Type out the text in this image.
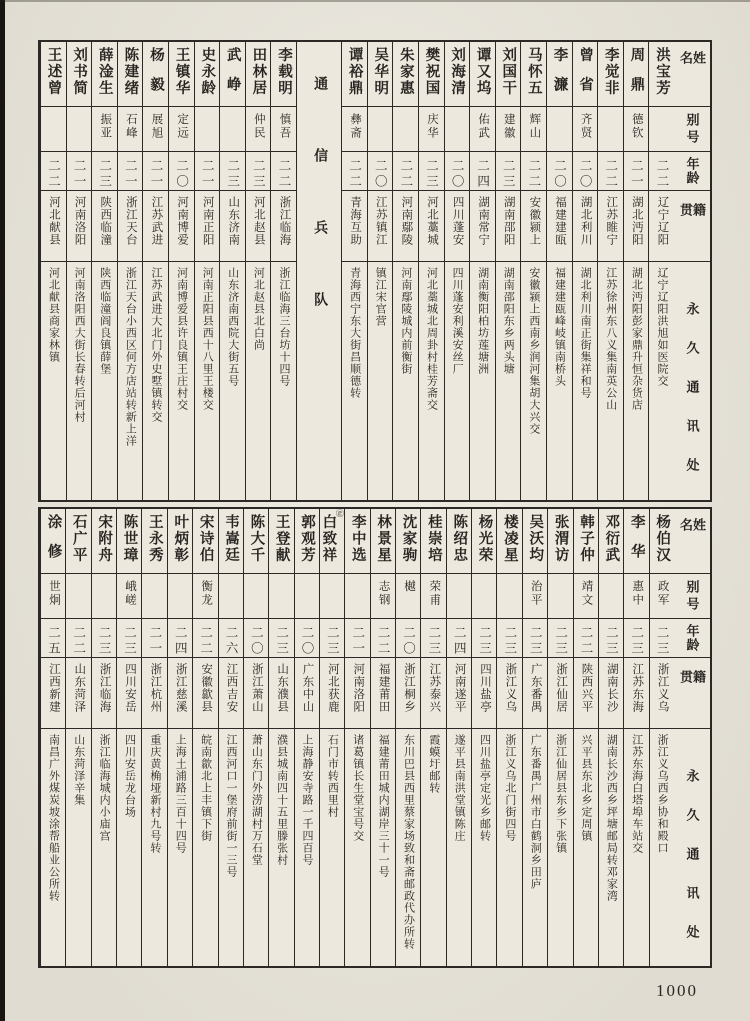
姓名
别号
年龄
籍贯
永久通讯处
洪宝芳
二二
辽宁辽阳
辽宁辽阳洪旭如医院交
周鼎
德钦
二一
湖北沔阳
湖北沔阳彭家鼎升恒杂货店
李觉非
二二
江苏睢宁
江苏徐州东八义集南英公山
曾省
齐贤
二〇
湖北利川
湖北利川南正街集祥和号
李濂
二〇
福建建瓯
福建建瓯峰岐镇南桥头
马怀五
辉山
二二
安徽颍上
安徽颍上西南乡润河集胡大兴交
刘国干
建徽
二三
湖南邵阳
湖南邵阳东乡两头塘
谭又坞
佑武
二四
湖南常宁
湖南衡阳柏坊莲塘洲
刘海清
二〇
四川蓬安
四川蓬安利溪安丝厂
樊祝国
庆华
二三
河北藁城
河北藁城北周卦村桂芳斋交
朱家惠
二二
河南鄢陵
河南鄢陵城内前衡街
吴华明
二〇
江苏镇江
镇江宋官营
谭裕鼎
彝斋
二二
青海互助
青海西宁东大街昌顺德转
通信兵队
李载明
慎吾
二二
浙江临海
浙江临海三台坊十四号
田林居
仲民
二三
河北赵县
河北赵县北白尚
武峥
二三
山东济南
山东济南西院大街五号
史永龄
二一
河南正阳
河南正阳县西十八里王楼交
王镇华
定远
二〇
河南博爱
河南博爱县许良镇王庄村交
杨毅
展旭
二一
江苏武进
江苏武进大北门外史墅镇转交
陈建绪
石峰
二一
浙江天台
浙江天台小西区何方店站转新上洋
薛淦生
振亚
二三
陕西临潼
陕西临潼阎良镇薛堡
刘书简
二一
河南洛阳
河南洛阳西大街长春转后河村
王述曾
二二
河北献县
河北献县商家林镇
姓名
别号
年龄
籍贯
永久通讯处
杨伯汉
政军
二三
浙江义乌
浙江义乌西乡协和殿口
李华
惠中
二三
江苏东海
江苏东海白塔埠车站交
邓衍武
二三
湖南长沙
湖南长沙西乡坪塘邮局转邓家湾
韩子仲
靖文
二二
陕西兴平
兴平县东北乡定周镇
张渭访
二三
浙江仙居
浙江仙居县东乡下张镇
吴沃均
治平
二三
广东番禺
广东番禺广州市白鹤洞乡田庐
楼凌星
二三
浙江义乌
浙江义乌北门街四号
杨光荣
二三
四川盐亭
四川盐亭定光乡邮转
陈绍忠
二四
河南遂平
遂平县南洪堂镇陈庄
桂崇培
荣甫
二三
江苏泰兴
霞蟆圩邮转
沈家驹
樾
二〇
浙江桐乡
东川巴县西里蔡家场致和斋邮政代办所转
林景星
志钢
二二
福建莆田
福建莆田城内湖岸三十一号
李中选
二一
河南洛阳
诸葛镇长生堂宝号交
白致祥
㊣
二三
河北获鹿
石门市转西里村
郭观芳
二〇
广东中山
上海静安寺路一千四百号
王登献
二三
山东濮县
濮县城南四十五里滕张村
陈大千
二〇
浙江萧山
萧山东门外涝湖村万石堂
韦嵩廷
二六
江西吉安
江西河口一堡府前街一三号
宋诗伯
衡龙
二二
安徽歙县
皖南歙北上丰镇下街
叶炳彰
二四
浙江慈溪
上海土浦路三百十四号
王永秀
二一
浙江杭州
重庆黄桷垭新村九号转
陈世璋
峨嵯
二三
四川安岳
四川安岳龙台场
宋附舟
二三
浙江临海
浙江临海城内小庙宫
石广平
二二
山东菏泽
山东菏泽辛集
涂修
世炯
二五
江西新建
南昌广外煤炭坡涂帮船业公所转
1000
